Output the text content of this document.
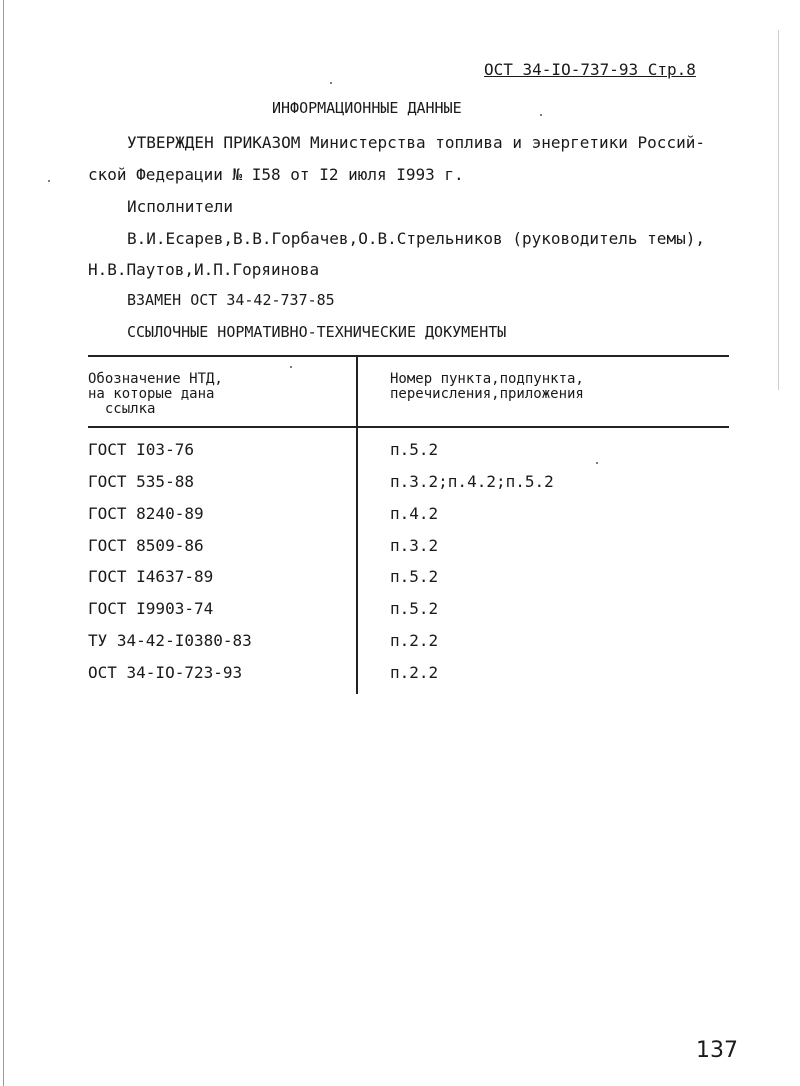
ОСТ 34-IO-737-93 Стр.8
ИНФОРМАЦИОННЫЕ ДАННЫЕ
УТВЕРЖДЕН ПРИКАЗОМ Министерства топлива и энергетики Россий-
ской Федерации № I58 от I2 июля I993 г.
Исполнители
В.И.Есарев,В.В.Горбачев,О.В.Стрельников (руководитель темы),
Н.В.Паутов,И.П.Горяинова
ВЗАМЕН ОСТ 34-42-737-85
ССЫЛОЧНЫЕ НОРМАТИВНО-ТЕХНИЧЕСКИЕ ДОКУМЕНТЫ
Обозначение НТД,
на которые дана
ссылка
Номер пункта,подпункта,
перечисления,приложения
ГОСТ I03-76	п.5.2
ГОСТ 535-88	п.3.2;п.4.2;п.5.2
ГОСТ 8240-89	п.4.2
ГОСТ 8509-86	п.3.2
ГОСТ I4637-89	п.5.2
ГОСТ I9903-74	п.5.2
ТУ 34-42-I0380-83	п.2.2
ОСТ 34-IO-723-93	п.2.2
137
